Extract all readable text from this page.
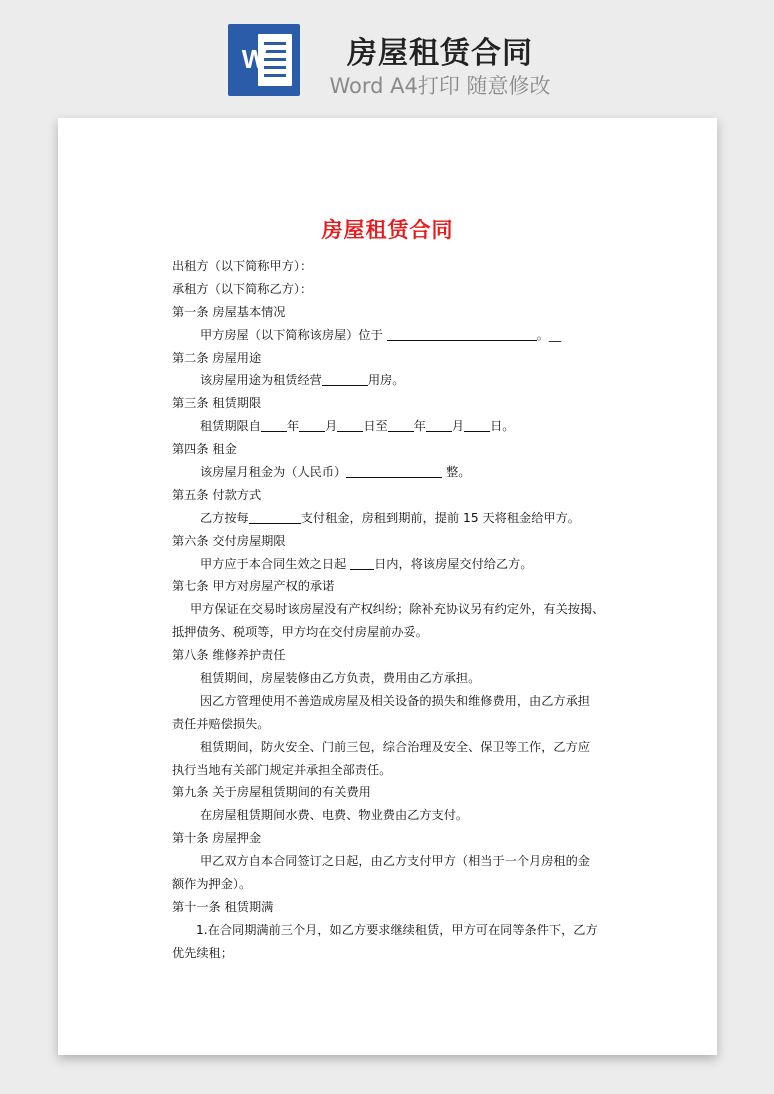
W	房屋租赁合同
Word A4打印 随意修改
房屋租赁合同
出租方（以下简称甲方）：
承租方（以下简称乙方）：
第一条 房屋基本情况
甲方房屋（以下简称该房屋）位于	。__
第二条 房屋用途
该房屋用途为租赁经营	用房。
第三条 租赁期限
租赁期限自 年 月 日至 年 月 日。
第四条 租金
该房屋月租金为（人民币）	整。
第五条 付款方式
乙方按每	支付租金，房租到期前，提前 15 天将租金给甲方。
第六条 交付房屋期限
甲方应于本合同生效之日起 日内，将该房屋交付给乙方。
第七条 甲方对房屋产权的承诺
甲方保证在交易时该房屋没有产权纠纷；除补充协议另有约定外，有关按揭、
抵押债务、税项等，甲方均在交付房屋前办妥。
第八条 维修养护责任
租赁期间，房屋装修由乙方负责，费用由乙方承担。
因乙方管理使用不善造成房屋及相关设备的损失和维修费用，由乙方承担
责任并赔偿损失。
租赁期间，防火安全、门前三包，综合治理及安全、保卫等工作，乙方应
执行当地有关部门规定并承担全部责任。
第九条 关于房屋租赁期间的有关费用
在房屋租赁期间水费、电费、物业费由乙方支付。
第十条 房屋押金
甲乙双方自本合同签订之日起，由乙方支付甲方（相当于一个月房租的金
额作为押金）。
第十一条 租赁期满
1.在合同期满前三个月，如乙方要求继续租赁，甲方可在同等条件下，乙方
优先续租；
